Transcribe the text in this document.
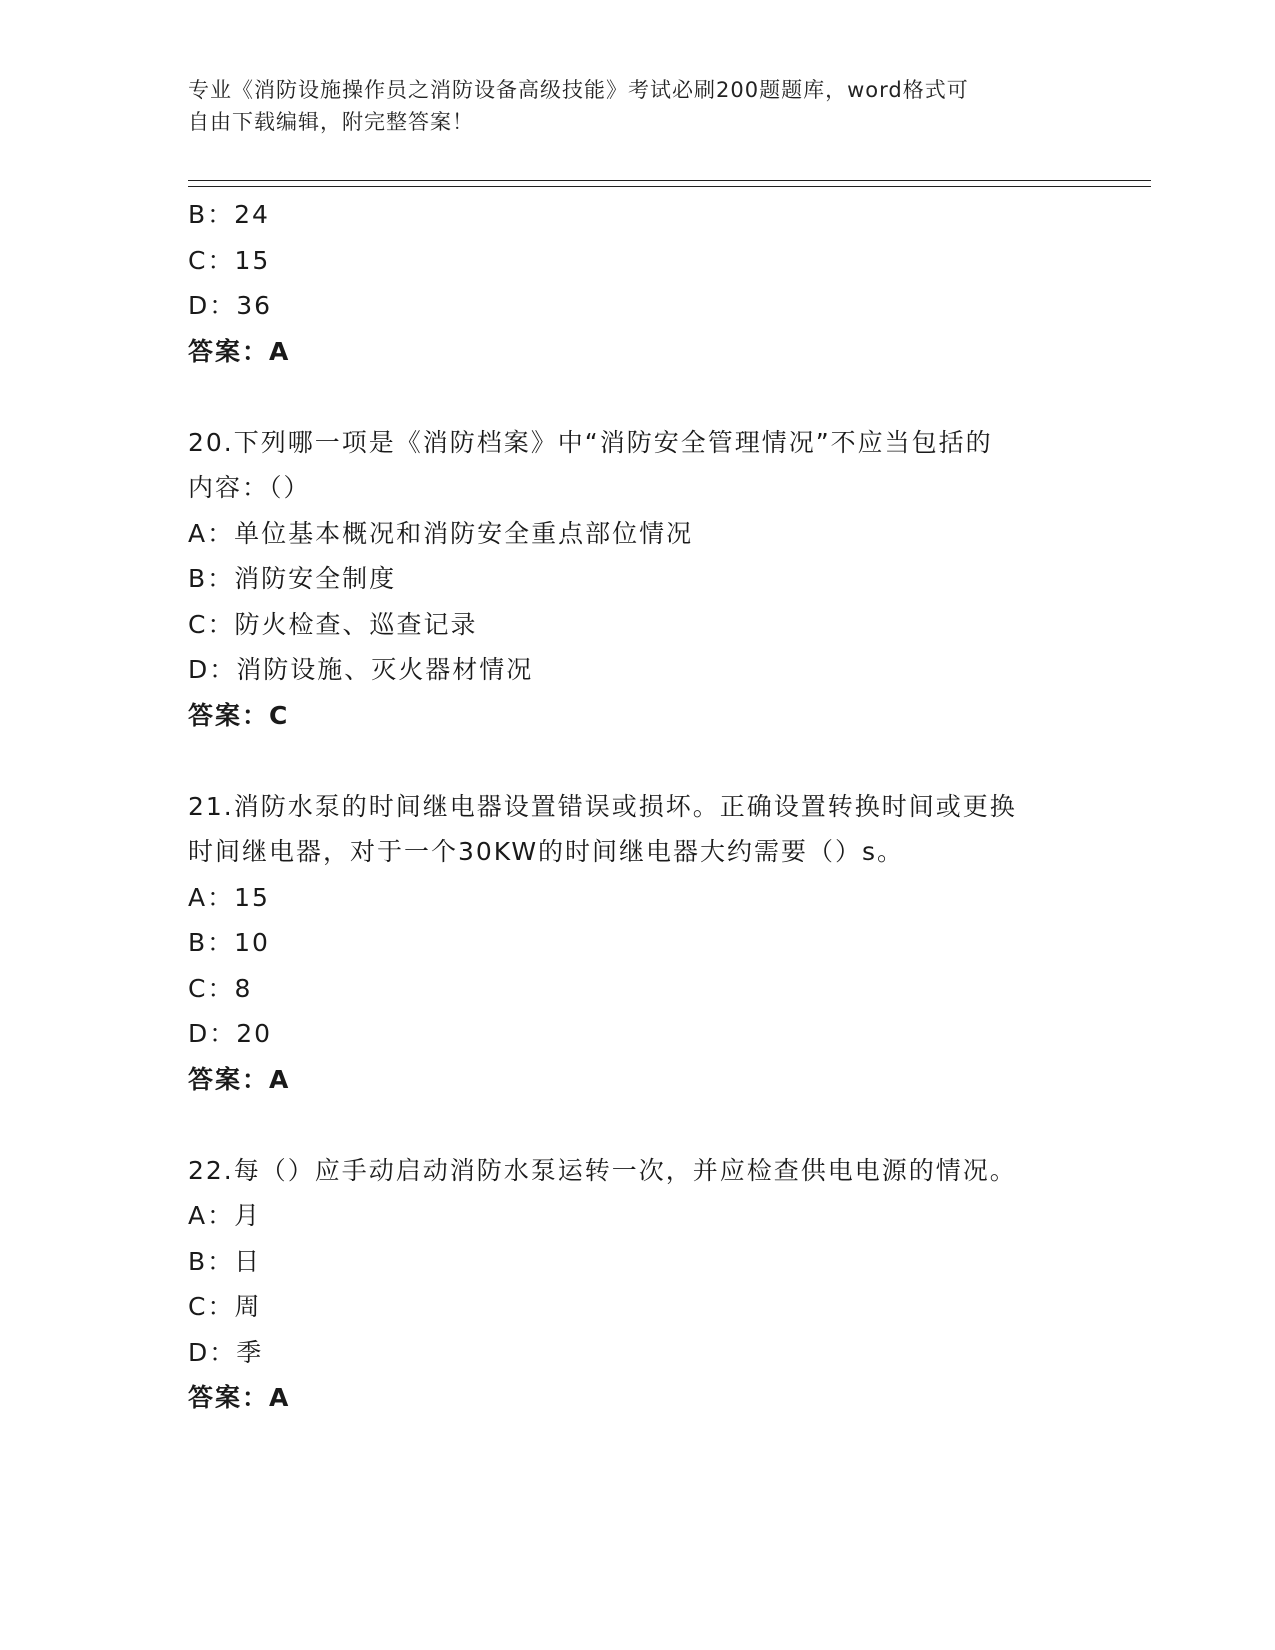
专业《消防设施操作员之消防设备高级技能》考试必刷200题题库，word格式可
自由下载编辑，附完整答案！
B：24
C：15
D：36
答案：A
20.下列哪一项是《消防档案》中“消防安全管理情况”不应当包括的
内容：（）
A：单位基本概况和消防安全重点部位情况
B：消防安全制度
C：防火检查、巡查记录
D：消防设施、灭火器材情况
答案：C
21.消防水泵的时间继电器设置错误或损坏。正确设置转换时间或更换
时间继电器，对于一个30KW的时间继电器大约需要（）s。
A：15
B：10
C：8
D：20
答案：A
22.每（）应手动启动消防水泵运转一次，并应检查供电电源的情况。
A：月
B：日
C：周
D：季
答案：A
